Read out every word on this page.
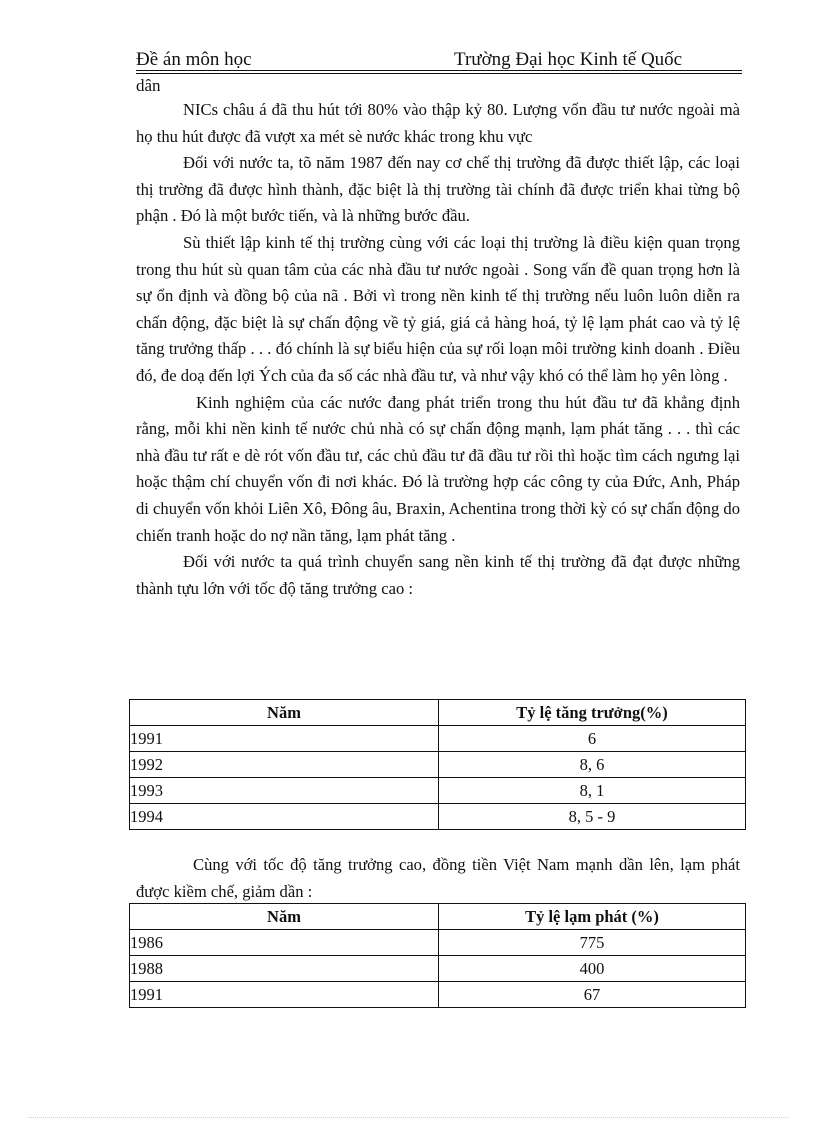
Đề án môn học	Trường Đại học Kinh tế Quốc
dân

NICs châu á đã thu hút tới 80% vào thập kỷ 80. Lượng vốn đầu tư nước ngoài mà họ thu hút được đã vượt xa mét sè nước khác trong khu vực

Đối với nước ta, tõ năm 1987 đến nay cơ chế thị trường đã được thiết lập, các loại thị trường đã được hình thành, đặc biệt là thị trường tài chính đã được triển khai từng bộ phận . Đó là một bước tiến, và là những bước đầu.

Sù thiết lập kinh tế thị trường cùng với các loại thị trường là điều kiện quan trọng trong thu hút sù quan tâm của các nhà đầu tư nước ngoài . Song vấn đề quan trọng hơn là sự ổn định và đồng bộ của nã . Bởi vì trong nền kinh tế thị trường nếu luôn luôn diễn ra chấn động, đặc biệt là sự chấn động về tỷ giá, giá cả hàng hoá, tỷ lệ lạm phát cao và tỷ lệ tăng trưởng thấp . . . đó chính là sự biểu hiện của sự rối loạn môi trường kinh doanh . Điều đó, đe doạ đến lợi Ých của đa số các nhà đầu tư, và như vậy khó có thể làm họ yên lòng .

Kinh nghiệm của các nước đang phát triển trong thu hút đầu tư đã khẳng định rằng, mỗi khi nền kinh tế nước chủ nhà có sự chấn động mạnh, lạm phát tăng . . . thì các nhà đầu tư rất e dè rót vốn đầu tư, các chủ đầu tư đã đầu tư rồi thì hoặc tìm cách ngưng lại hoặc thậm chí chuyển vốn đi nơi khác. Đó là trường hợp các công ty của Đức, Anh, Pháp di chuyển vốn khỏi Liên Xô, Đông âu, Braxin, Achentina trong thời kỳ có sự chấn động do chiến tranh hoặc do nợ nần tăng, lạm phát tăng .

Đối với nước ta quá trình chuyển sang nền kinh tế thị trường đã đạt được những thành tựu lớn với tốc độ tăng trưởng cao :

Năm	Tỷ lệ tăng trưởng(%)
1991	6
1992	8, 6
1993	8, 1
1994	8, 5 - 9

Cùng với tốc độ tăng trưởng cao, đồng tiền Việt Nam mạnh dần lên, lạm phát được kiềm chế, giảm dần :

Năm	Tỷ lệ lạm phát (%)
1986	775
1988	400
1991	67
